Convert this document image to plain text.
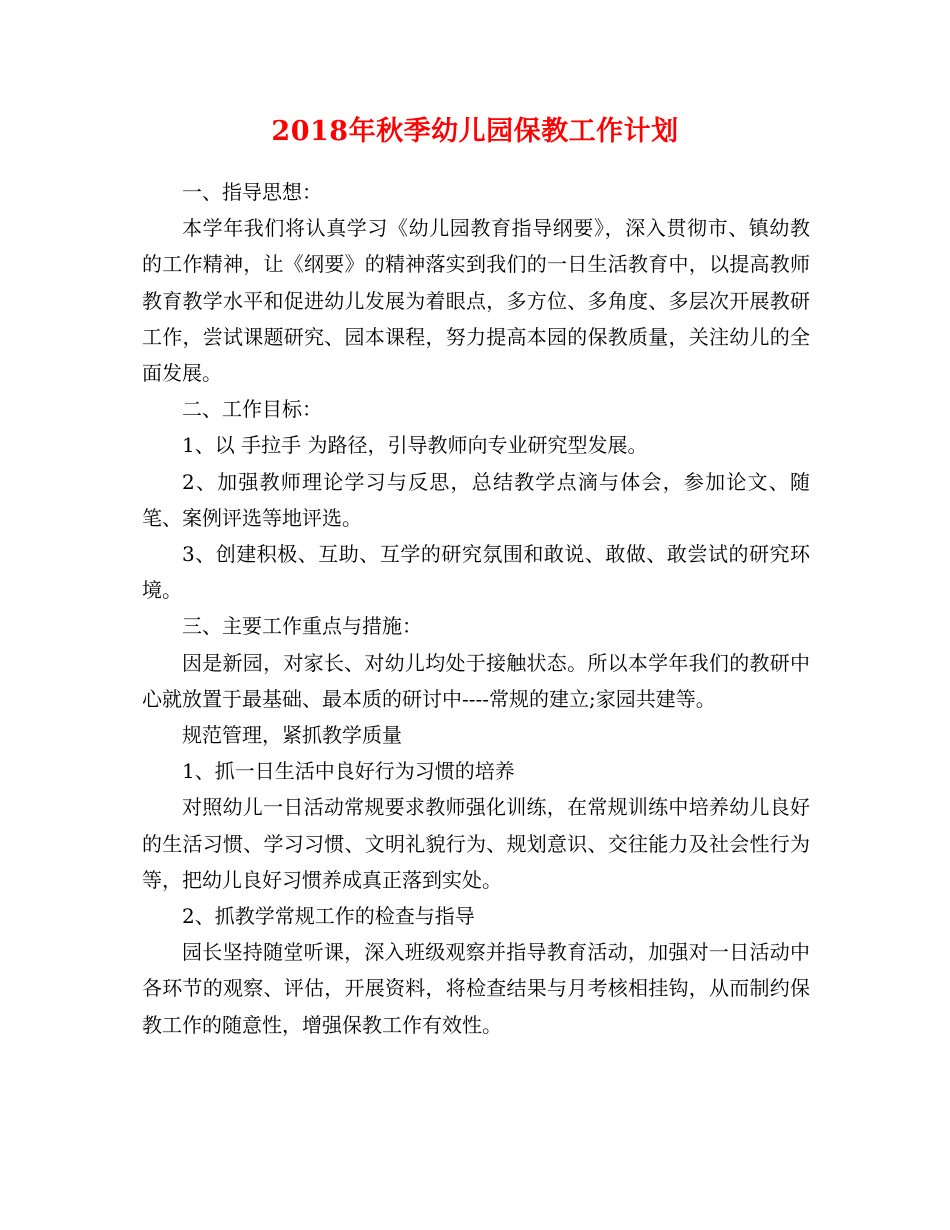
2018年秋季幼儿园保教工作计划

一、指导思想：

本学年我们将认真学习《幼儿园教育指导纲要》，深入贯彻市、镇幼教的工作精神，让《纲要》的精神落实到我们的一日生活教育中，以提高教师教育教学水平和促进幼儿发展为着眼点，多方位、多角度、多层次开展教研工作，尝试课题研究、园本课程，努力提高本园的保教质量，关注幼儿的全面发展。

二、工作目标：

1、以 手拉手 为路径，引导教师向专业研究型发展。

2、加强教师理论学习与反思，总结教学点滴与体会，参加论文、随笔、案例评选等地评选。

3、创建积极、互助、互学的研究氛围和敢说、敢做、敢尝试的研究环境。

三、主要工作重点与措施：

因是新园，对家长、对幼儿均处于接触状态。所以本学年我们的教研中心就放置于最基础、最本质的研讨中----常规的建立;家园共建等。

规范管理，紧抓教学质量

1、抓一日生活中良好行为习惯的培养

对照幼儿一日活动常规要求教师强化训练，在常规训练中培养幼儿良好的生活习惯、学习习惯、文明礼貌行为、规划意识、交往能力及社会性行为等，把幼儿良好习惯养成真正落到实处。

2、抓教学常规工作的检查与指导

园长坚持随堂听课，深入班级观察并指导教育活动，加强对一日活动中各环节的观察、评估，开展资料，将检查结果与月考核相挂钩，从而制约保教工作的随意性，增强保教工作有效性。
